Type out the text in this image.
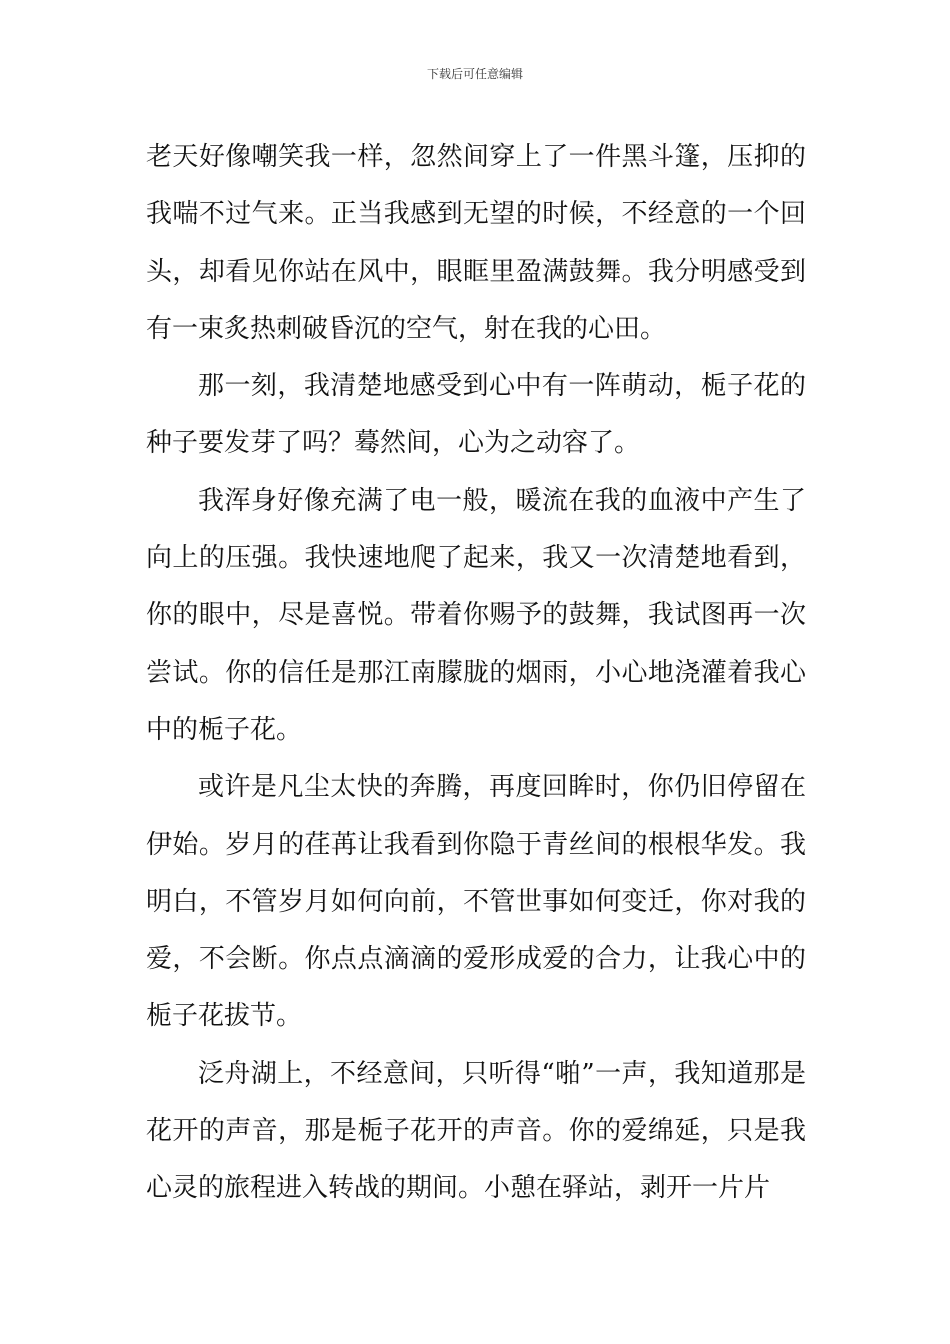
下载后可任意编辑

老天好像嘲笑我一样，忽然间穿上了一件黑斗篷，压抑的我喘不过气来。正当我感到无望的时候，不经意的一个回头，却看见你站在风中，眼眶里盈满鼓舞。我分明感受到有一束炙热刺破昏沉的空气，射在我的心田。

那一刻，我清楚地感受到心中有一阵萌动，栀子花的种子要发芽了吗？蓦然间，心为之动容了。

我浑身好像充满了电一般，暖流在我的血液中产生了向上的压强。我快速地爬了起来，我又一次清楚地看到，你的眼中，尽是喜悦。带着你赐予的鼓舞，我试图再一次尝试。你的信任是那江南朦胧的烟雨，小心地浇灌着我心中的栀子花。

或许是凡尘太快的奔腾，再度回眸时，你仍旧停留在伊始。岁月的荏苒让我看到你隐于青丝间的根根华发。我明白，不管岁月如何向前，不管世事如何变迁，你对我的爱，不会断。你点点滴滴的爱形成爱的合力，让我心中的栀子花拔节。

泛舟湖上，不经意间，只听得“啪”一声，我知道那是花开的声音，那是栀子花开的声音。你的爱绵延，只是我心灵的旅程进入转战的期间。小憩在驿站，剥开一片片
